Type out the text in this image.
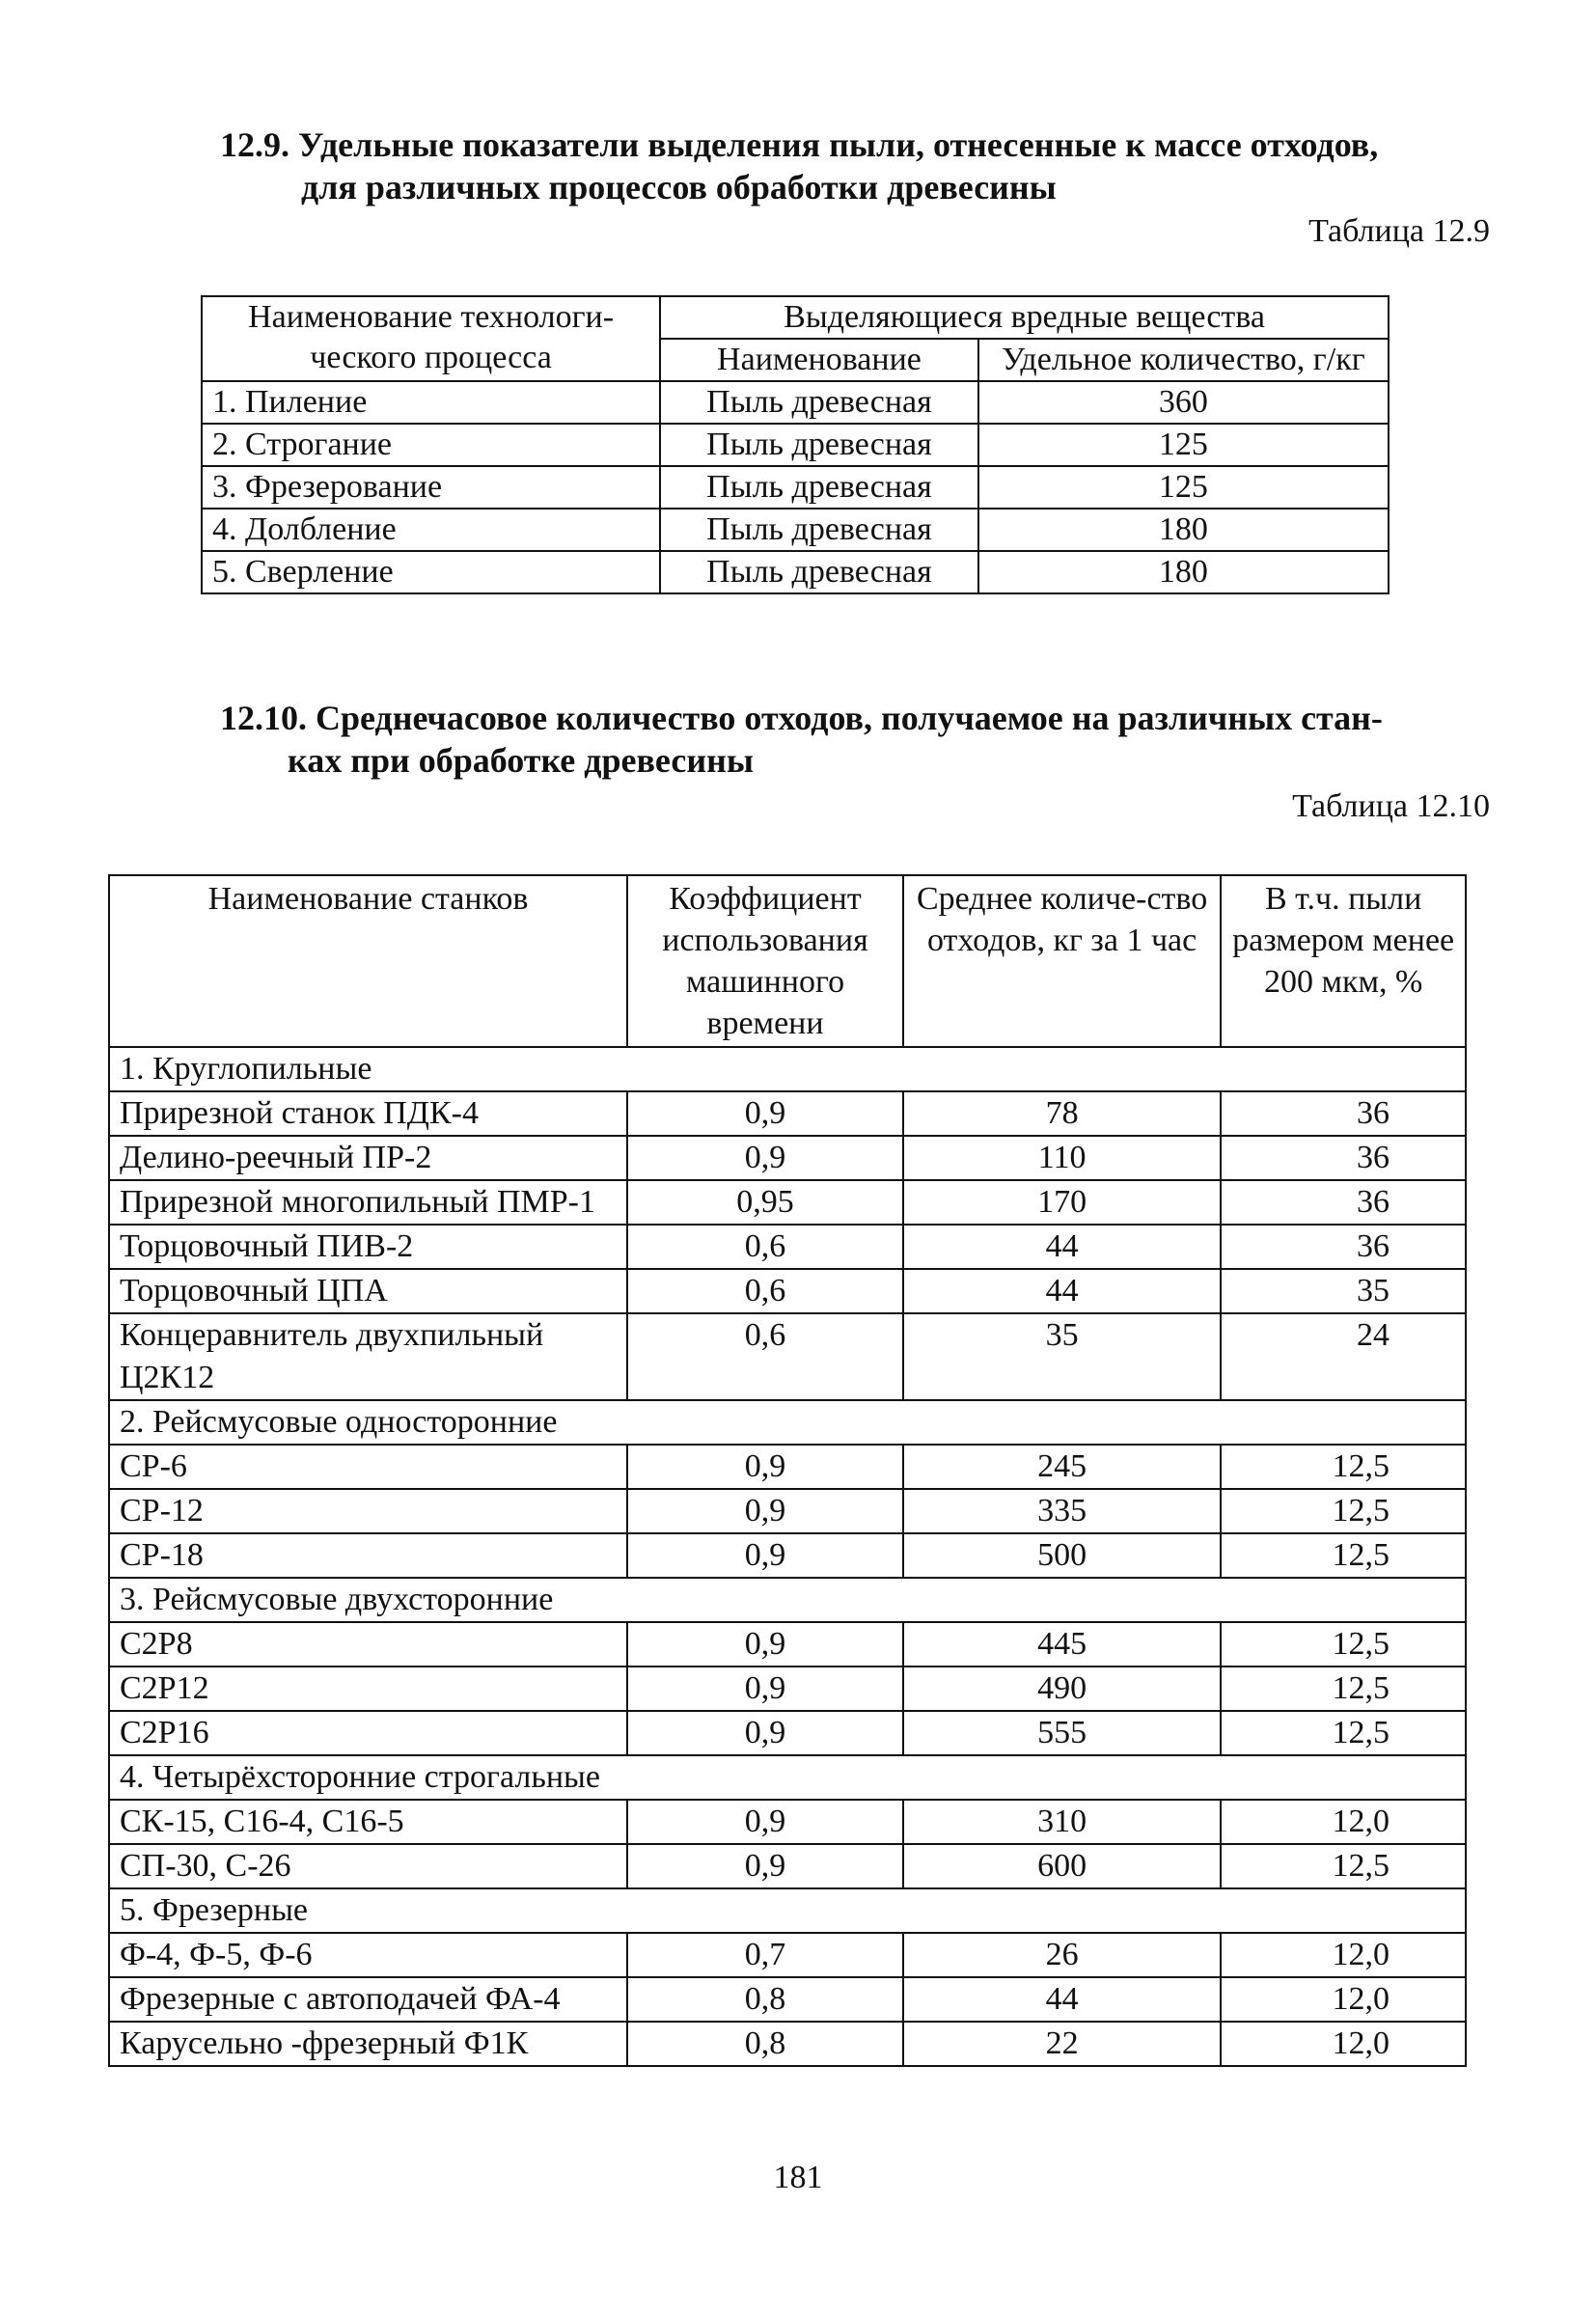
12.9. Удельные показатели выделения пыли, отнесенные к массе отходов,
для различных процессов обработки древесины
Таблица 12.9
Наименование технологи-ческого процесса	Выделяющиеся вредные вещества	
	Наименование	Удельное количество, г/кг
1. Пиление	Пыль древесная	360
2. Строгание	Пыль древесная	125
3. Фрезерование	Пыль древесная	125
4. Долбление	Пыль древесная	180
5. Сверление	Пыль древесная	180
12.10. Среднечасовое количество отходов, получаемое на различных стан-
ках при обработке древесины
Таблица 12.10
Наименование станков	Коэффициент использования машинного времени	Среднее количе-ство отходов, кг за 1 час	В т.ч. пыли размером менее 200 мкм, %
1. Круглопильные			
Прирезной станок ПДК-4	0,9	78	36
Делино-реечный ПР-2	0,9	110	36
Прирезной многопильный ПМР-1	0,95	170	36
Торцовочный ПИВ-2	0,6	44	36
Торцовочный ЦПА	0,6	44	35
Концеравнитель двухпильный Ц2К12	0,6	35	24
2. Рейсмусовые односторонние			
СР-6	0,9	245	12,5
СР-12	0,9	335	12,5
СР-18	0,9	500	12,5
3. Рейсмусовые двухсторонние			
С2Р8	0,9	445	12,5
С2Р12	0,9	490	12,5
С2Р16	0,9	555	12,5
4. Четырёхсторонние строгальные			
СК-15, С16-4, С16-5	0,9	310	12,0
СП-30, С-26	0,9	600	12,5
5. Фрезерные			
Ф-4, Ф-5, Ф-6	0,7	26	12,0
Фрезерные с автоподачей ФА-4	0,8	44	12,0
Карусельно -фрезерный Ф1К	0,8	22	12,0
181
